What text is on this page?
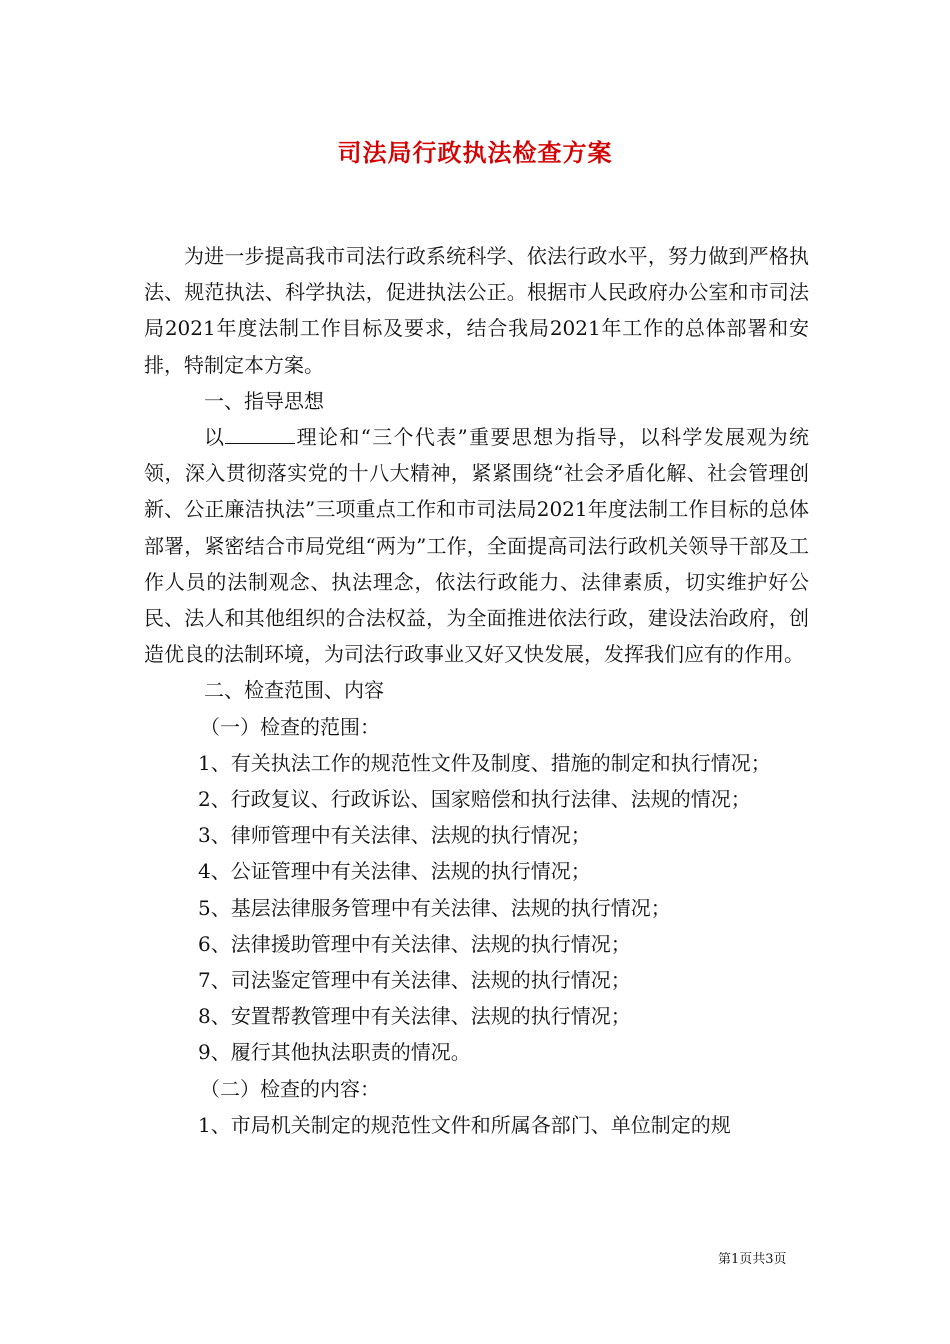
司法局行政执法检查方案

为进一步提高我市司法行政系统科学、依法行政水平，努力做到严格执法、规范执法、科学执法，促进执法公正。根据市人民政府办公室和市司法局2021年度法制工作目标及要求，结合我局2021年工作的总体部署和安排，特制定本方案。

一、指导思想

以	理论和“三个代表”重要思想为指导，以科学发展观为统领，深入贯彻落实党的十八大精神，紧紧围绕“社会矛盾化解、社会管理创新、公正廉洁执法”三项重点工作和市司法局2021年度法制工作目标的总体部署，紧密结合市局党组“两为”工作，全面提高司法行政机关领导干部及工作人员的法制观念、执法理念，依法行政能力、法律素质，切实维护好公民、法人和其他组织的合法权益，为全面推进依法行政，建设法治政府，创造优良的法制环境，为司法行政事业又好又快发展，发挥我们应有的作用。

二、检查范围、内容

（一）检查的范围：

1、有关执法工作的规范性文件及制度、措施的制定和执行情况；

2、行政复议、行政诉讼、国家赔偿和执行法律、法规的情况；

3、律师管理中有关法律、法规的执行情况；

4、公证管理中有关法律、法规的执行情况；

5、基层法律服务管理中有关法律、法规的执行情况；

6、法律援助管理中有关法律、法规的执行情况；

7、司法鉴定管理中有关法律、法规的执行情况；

8、安置帮教管理中有关法律、法规的执行情况；

9、履行其他执法职责的情况。

（二）检查的内容：

1、市局机关制定的规范性文件和所属各部门、单位制定的规

第1页共3页
